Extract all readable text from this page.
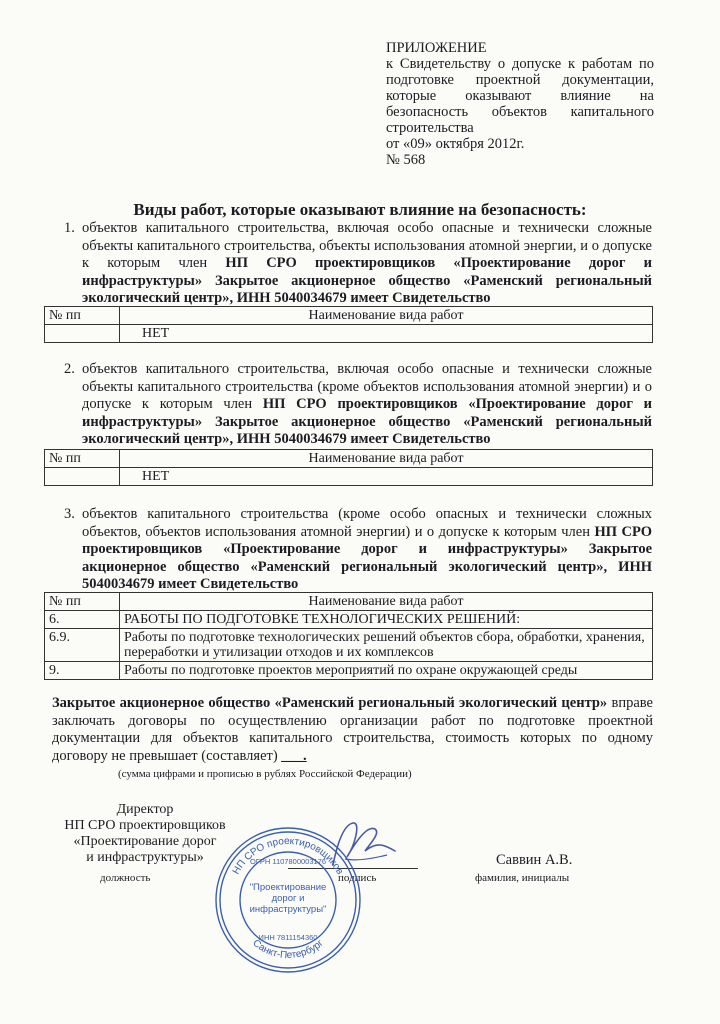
ПРИЛОЖЕНИЕ
к Свидетельству о допуске к работам по
подготовке проектной документации,
которые оказывают влияние на
безопасность объектов капитального
строительства
от «09» октября 2012г.
№ 568
Виды работ, которые оказывают влияние на безопасность:
1. объектов капитального строительства, включая особо опасные и технически сложные объекты капитального строительства, объекты использования атомной энергии, и о допуске к которым член НП СРО проектировщиков «Проектирование дорог и инфраструктуры» Закрытое акционерное общество «Раменский региональный экологический центр», ИНН 5040034679 имеет Свидетельство
№ пп	Наименование вида работ
	НЕТ
2. объектов капитального строительства, включая особо опасные и технически сложные объекты капитального строительства (кроме объектов использования атомной энергии) и о допуске к которым член НП СРО проектировщиков «Проектирование дорог и инфраструктуры» Закрытое акционерное общество «Раменский региональный экологический центр», ИНН 5040034679 имеет Свидетельство
№ пп	Наименование вида работ
	НЕТ
3. объектов капитального строительства (кроме особо опасных и технически сложных объектов, объектов использования атомной энергии) и о допуске к которым член НП СРО проектировщиков «Проектирование дорог и инфраструктуры» Закрытое акционерное общество «Раменский региональный экологический центр», ИНН 5040034679 имеет Свидетельство
№ пп	Наименование вида работ
6.	РАБОТЫ ПО ПОДГОТОВКЕ ТЕХНОЛОГИЧЕСКИХ РЕШЕНИЙ:
6.9.	Работы по подготовке технологических решений объектов сбора, обработки, хранения, переработки и утилизации отходов и их комплексов
9.	Работы по подготовке проектов мероприятий по охране окружающей среды
Закрытое акционерное общество «Раменский региональный экологический центр» вправе заключать договоры по осуществлению организации работ по подготовке проектной документации для объектов капитального строительства, стоимость которых по одному договору не превышает (составляет) ___.
(сумма цифрами и прописью в рублях Российской Федерации)
Директор
НП СРО проектировщиков
«Проектирование дорог
и инфраструктуры»
должность	подпись
Саввин А.В.
фамилия, инициалы
НП СРО проектировщиков
Санкт-Петербург
ОГРН 1107800003176
"Проектирование
дорог и
инфраструктуры"
ИНН 7811154360
